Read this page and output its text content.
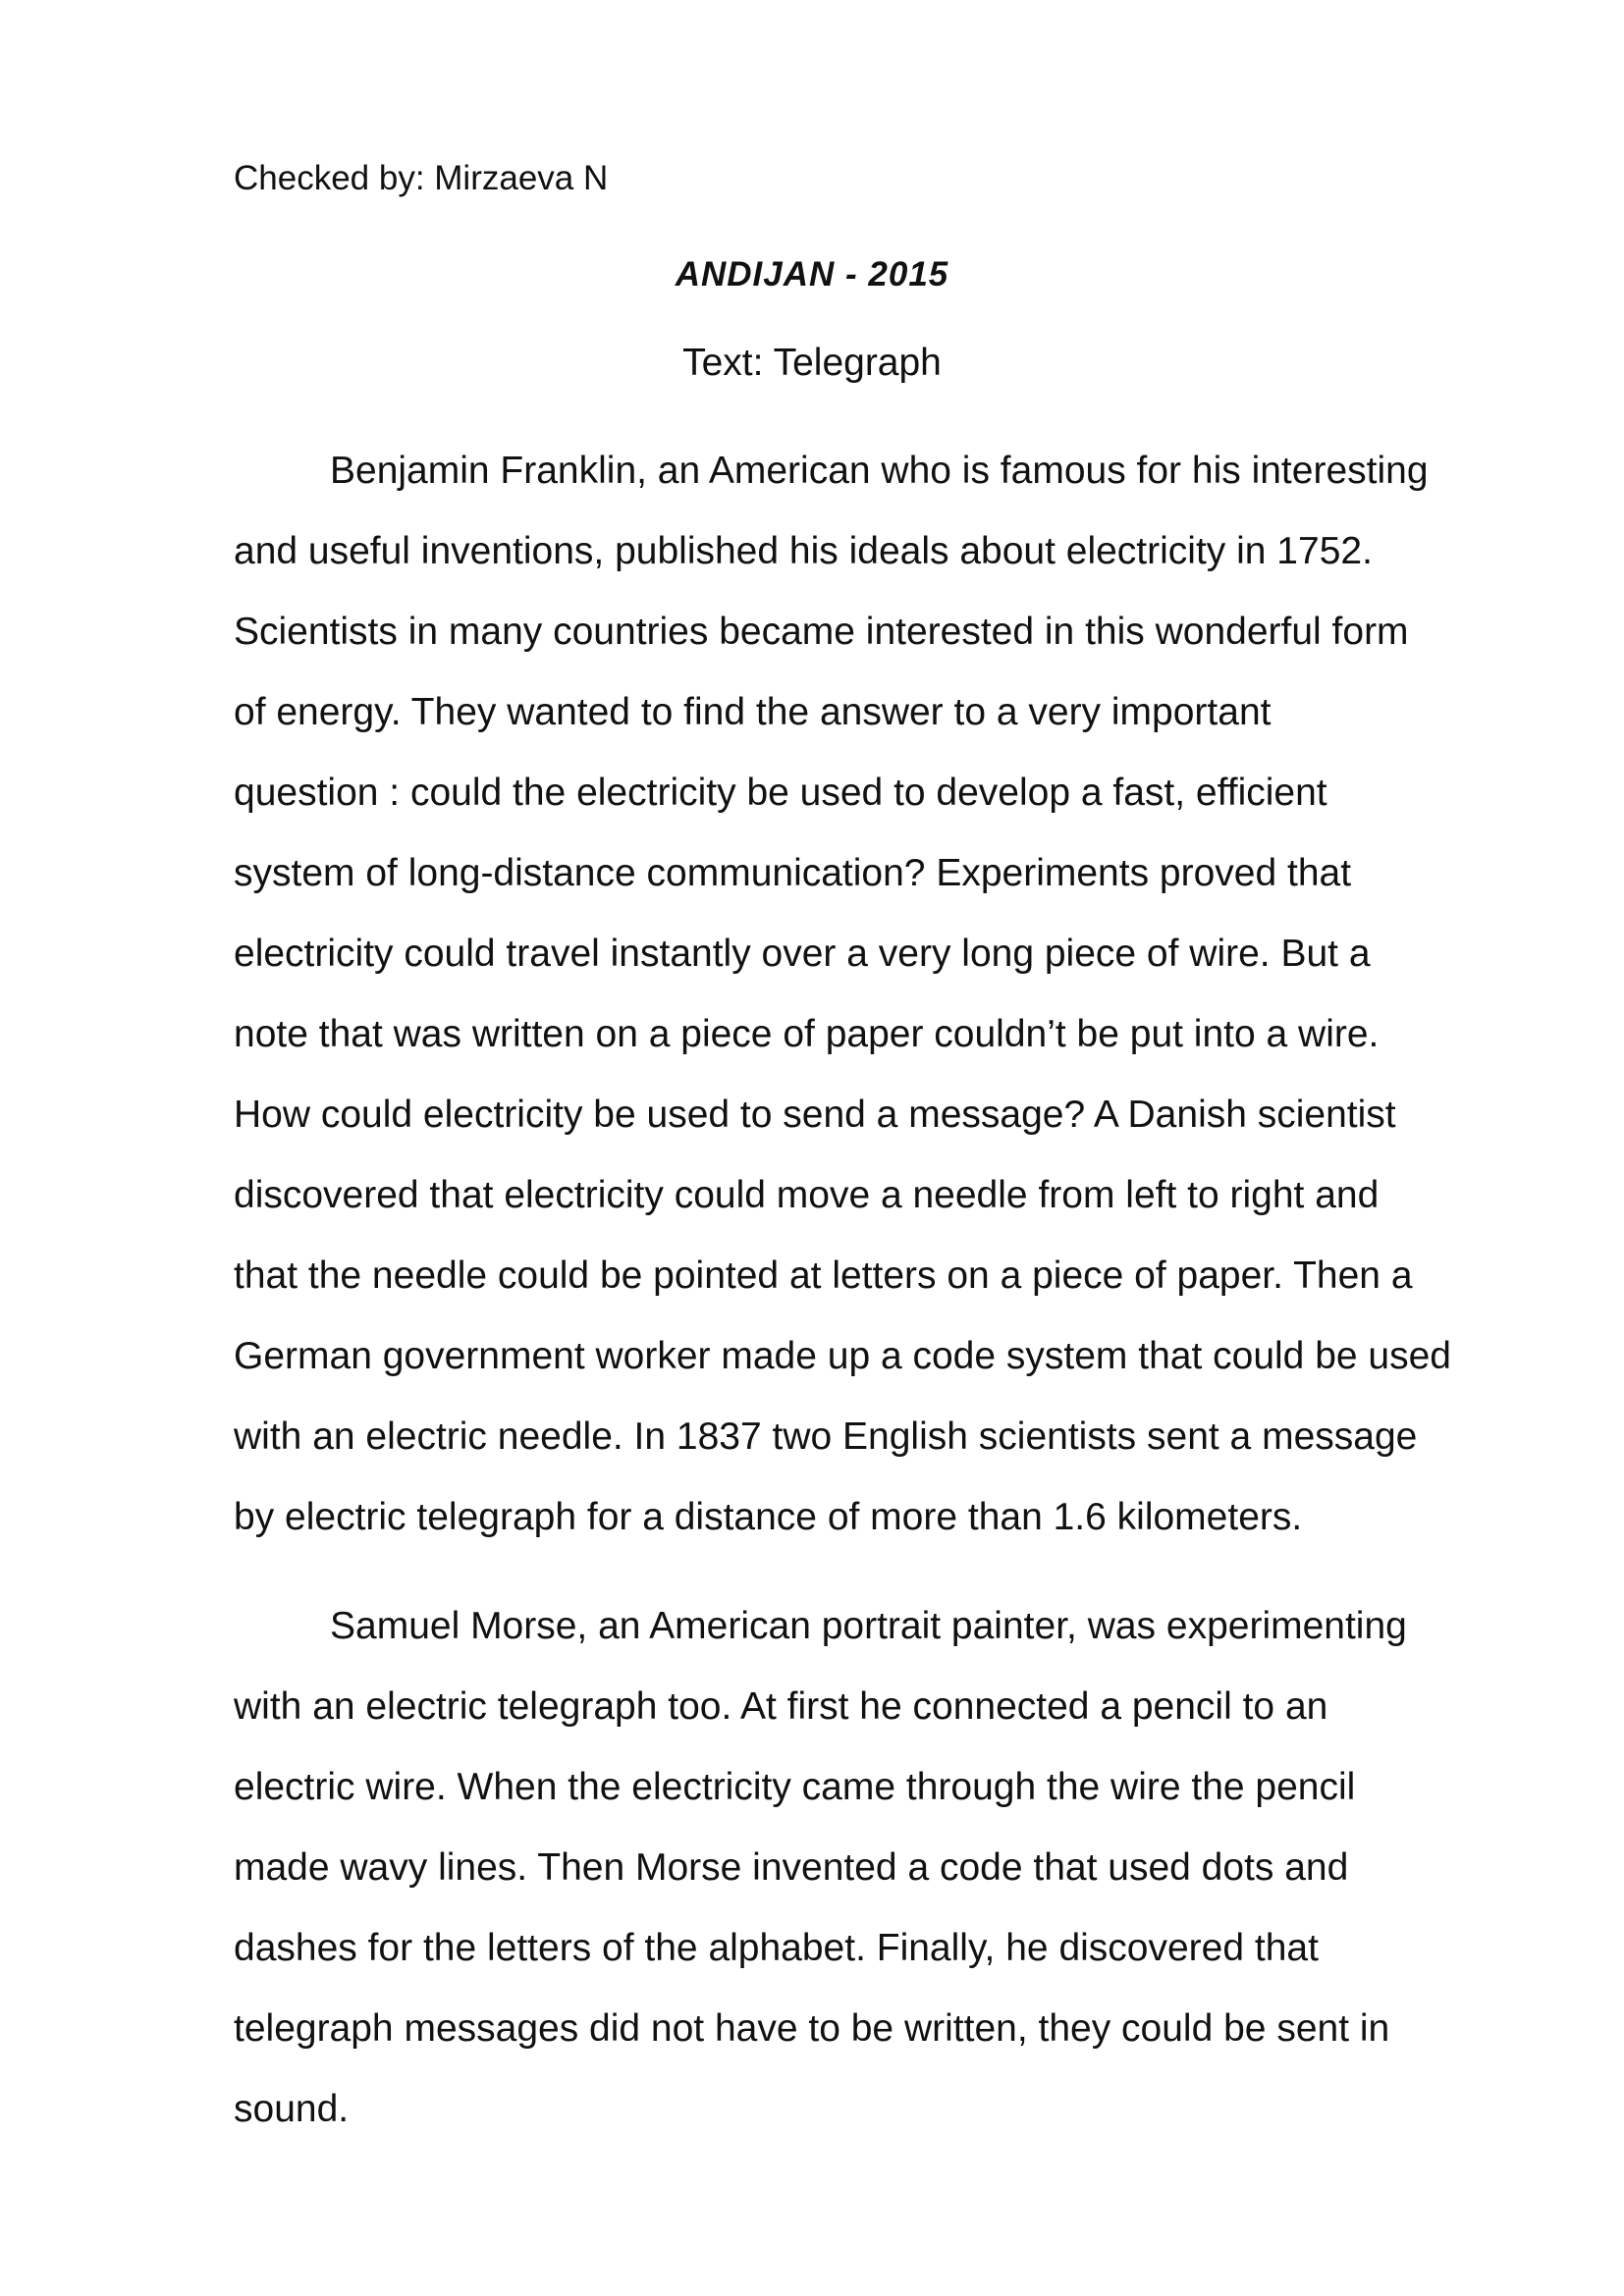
Checked by: Mirzaeva N
ANDIJAN - 2015
Text: Telegraph
Benjamin Franklin, an American who is famous for his interesting
and useful inventions, published his ideals about electricity in 1752.
Scientists in many countries became interested in this wonderful form
of energy. They wanted to find the answer to a very important
question : could the electricity be used to develop a fast, efficient
system of long-distance communication? Experiments proved that
electricity could travel instantly over a very long piece of wire. But a
note that was written on a piece of paper couldn’t be put into a wire.
How could electricity be used to send a message? A Danish scientist
discovered that electricity could move a needle from left to right and
that the needle could be pointed at letters on a piece of paper. Then a
German government worker made up a code system that could be used
with an electric needle. In 1837 two English scientists sent a message
by electric telegraph for a distance of more than 1.6 kilometers.
Samuel Morse, an American portrait painter, was experimenting
with an electric telegraph too. At first he connected a pencil to an
electric wire. When the electricity came through the wire the pencil
made wavy lines. Then Morse invented a code that used dots and
dashes for the letters of the alphabet. Finally, he discovered that
telegraph messages did not have to be written, they could be sent in
sound.
